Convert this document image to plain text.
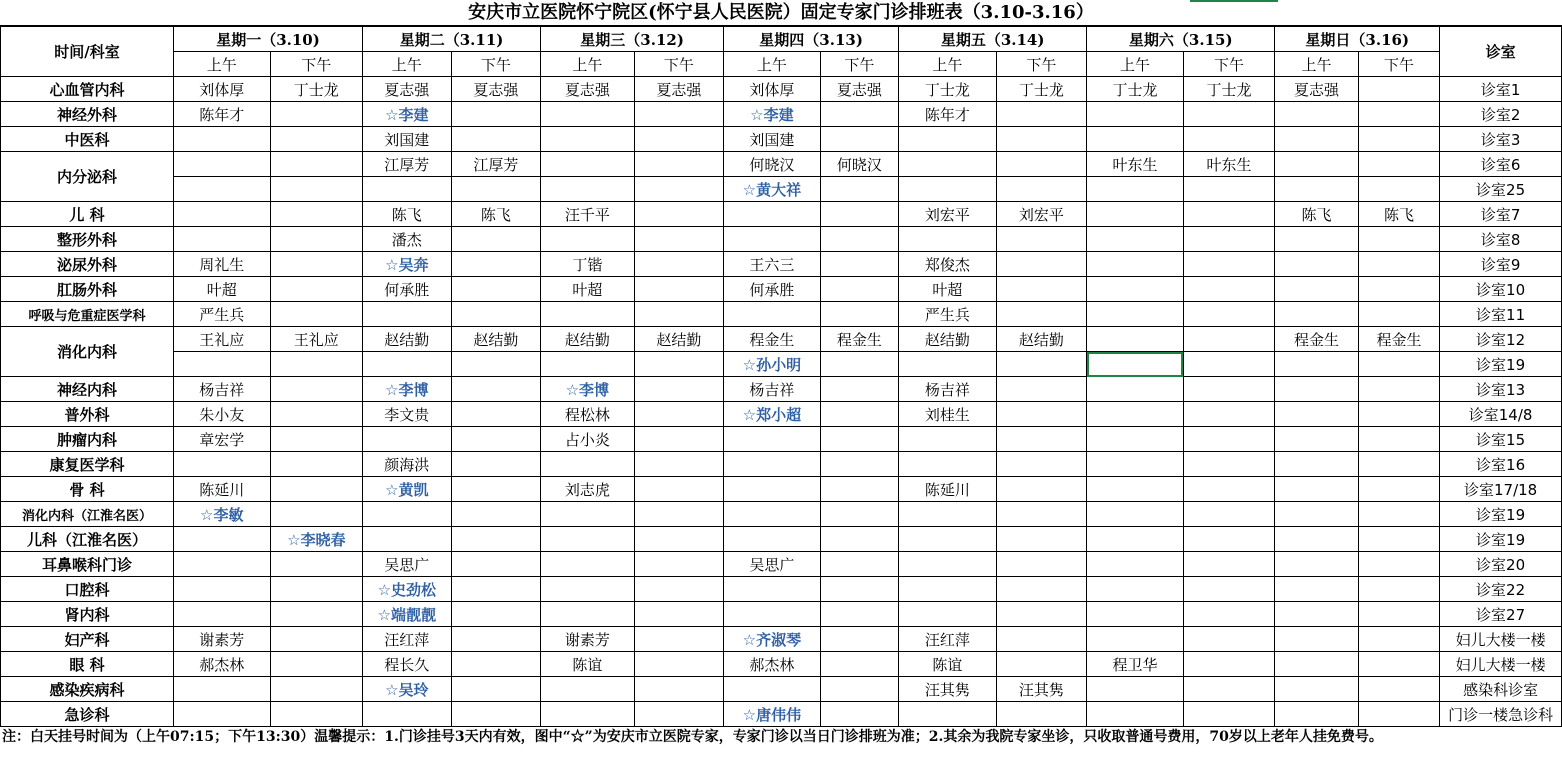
安庆市立医院怀宁院区(怀宁县人民医院）固定专家门诊排班表（3.10-3.16）
时间/科室	星期一（3.10)		星期二（3.11)		星期三（3.12)		星期四（3.13)		星期五（3.14)		星期六（3.15)		星期日（3.16)		诊室
	上午	下午	上午	下午	上午	下午	上午	下午	上午	下午	上午	下午	上午	下午	
心血管内科	刘体厚	丁士龙	夏志强	夏志强	夏志强	夏志强	刘体厚	夏志强	丁士龙	丁士龙	丁士龙	丁士龙	夏志强		诊室1
神经外科	陈年才		☆李建				☆李建		陈年才						诊室2
中医科			刘国建				刘国建								诊室3
内分泌科			江厚芳	江厚芳			何晓汉	何晓汉			叶东生	叶东生			诊室6
							☆黄大祥								诊室25
儿 科			陈飞	陈飞	汪千平				刘宏平	刘宏平			陈飞	陈飞	诊室7
整形外科			潘杰												诊室8
泌尿外科	周礼生		☆吴奔		丁锴		王六三		郑俊杰						诊室9
肛肠外科	叶超		何承胜		叶超		何承胜		叶超						诊室10
呼吸与危重症医学科	严生兵								严生兵						诊室11
消化内科	王礼应	王礼应	赵结勤	赵结勤	赵结勤	赵结勤	程金生	程金生	赵结勤	赵结勤			程金生	程金生	诊室12
							☆孙小明								诊室19
神经内科	杨吉祥		☆李博		☆李博		杨吉祥		杨吉祥						诊室13
普外科	朱小友		李文贵		程松林		☆郑小超		刘桂生						诊室14/8
肿瘤内科	章宏学				占小炎										诊室15
康复医学科			颜海洪												诊室16
骨 科	陈延川		☆黄凯		刘志虎				陈延川						诊室17/18
消化内科（江淮名医）	☆李敏														诊室19
儿科（江淮名医）		☆李晓春													诊室19
耳鼻喉科门诊			吴思广				吴思广								诊室20
口腔科			☆史劲松												诊室22
肾内科			☆端靓靓												诊室27
妇产科	谢素芳		汪红萍		谢素芳		☆齐淑琴		汪红萍						妇儿大楼一楼
眼 科	郝杰林		程长久		陈谊		郝杰林		陈谊		程卫华				妇儿大楼一楼
感染疾病科			☆吴玲						汪其隽	汪其隽					感染科诊室
急诊科							☆唐伟伟								门诊一楼急诊科
注：白天挂号时间为（上午07:15；下午13:30）温馨提示：1.门诊挂号3天内有效，图中“☆”为安庆市立医院专家，专家门诊以当日门诊排班为准；2.其余为我院专家坐诊，只收取普通号费用，70岁以上老年人挂免费号。
